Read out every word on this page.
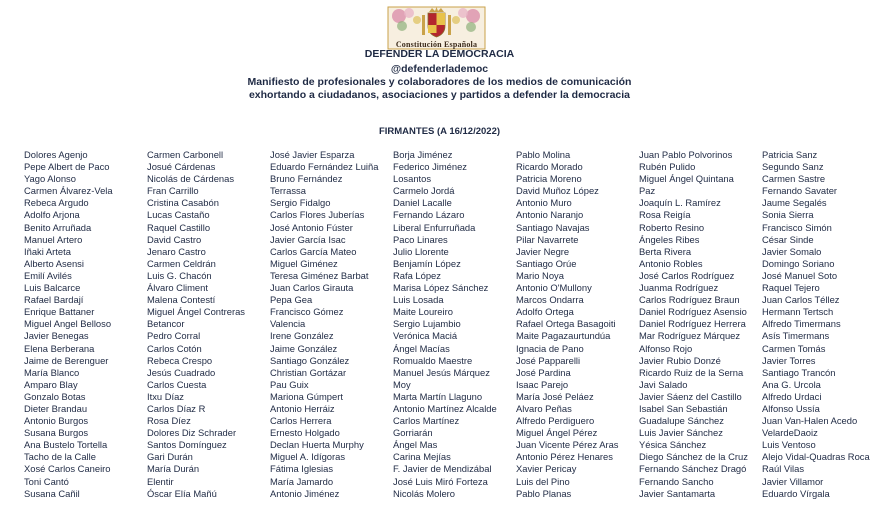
Constitución Española
DEFENDER LA DEMOCRACIA
@defenderlademoc
Manifiesto de profesionales y colaboradores de los medios de comunicación
exhortando a ciudadanos, asociaciones y partidos a defender la democracia
FIRMANTES (A 16/12/2022)
Dolores Agenjo
Pepe Albert de Paco
Yago Alonso
Carmen Álvarez-Vela
Rebeca Argudo
Adolfo Arjona
Benito Arruñada
Manuel Artero
Iñaki Arteta
Alberto Asensi
Emilí Avilés
Luis Balcarce
Rafael Bardají
Enrique Battaner
Miguel Angel Belloso
Javier Benegas
Elena Berberana
Jaime de Berenguer
María Blanco
Amparo Blay
Gonzalo Botas
Dieter Brandau
Antonio Burgos
Susana Burgos
Ana Bustelo Tortella
Tacho de la Calle
Xosé Carlos Caneiro
Toni Cantó
Susana Cañil
Carmen Carbonell
Josué Cárdenas
Nicolás de Cárdenas
Fran Carrillo
Cristina Casabón
Lucas Castaño
Raquel Castillo
David Castro
Jenaro Castro
Carmen Celdrán
Luis G. Chacón
Álvaro Climent
Malena Contestí
Miguel Ángel Contreras
Betancor
Pedro Corral
Carlos Cotón
Rebeca Crespo
Jesús Cuadrado
Carlos Cuesta
Itxu Díaz
Carlos Díaz R
Rosa Díez
Dolores Diz Schrader
Santos Domínguez
Gari Durán
María Durán
Elentir
Óscar Elía Mañú
José Javier Esparza
Eduardo Fernández Luiña
Bruno Fernández
Terrassa
Sergio Fidalgo
Carlos Flores Juberías
José Antonio Fúster
Javier García Isac
Carlos García Mateo
Miguel Giménez
Teresa Giménez Barbat
Juan Carlos Girauta
Pepa Gea
Francisco Gómez
Valencia
Irene González
Jaime González
Santiago González
Christian Gortázar
Pau Guix
Mariona Gúmpert
Antonio Herráiz
Carlos Herrera
Ernesto Holgado
Declan Huerta Murphy
Miguel A. Idígoras
Fátima Iglesias
María Jamardo
Antonio Jiménez
Borja Jiménez
Federico Jiménez
Losantos
Carmelo Jordá
Daniel Lacalle
Fernando Lázaro
Liberal Enfurruñada
Paco Linares
Julio Llorente
Benjamín López
Rafa López
Marisa López Sánchez
Luis Losada
Maite Loureiro
Sergio Lujambio
Verónica Maciá
Ángel Macías
Romualdo Maestre
Manuel Jesús Márquez
Moy
Marta Martín Llaguno
Antonio Martínez Alcalde
Carlos Martínez
Gorriarán
Ángel Mas
Carina Mejías
F. Javier de Mendizábal
José Luis Miró Forteza
Nicolás Molero
Pablo Molina
Ricardo Morado
Patricia Moreno
David Muñoz López
Antonio Muro
Antonio Naranjo
Santiago Navajas
Pilar Navarrete
Javier Negre
Santiago Orúe
Mario Noya
Antonio O'Mullony
Marcos Ondarra
Adolfo Ortega
Rafael Ortega Basagoiti
Maite Pagazaurtundúa
Ignacia de Pano
José Papparelli
José Pardina
Isaac Parejo
María José Peláez
Alvaro Peñas
Alfredo Perdiguero
Miguel Ángel Pérez
Juan Vicente Pérez Aras
Antonio Pérez Henares
Xavier Pericay
Luis del Pino
Pablo Planas
Juan Pablo Polvorinos
Rubén Pulido
Miguel Ángel Quintana
Paz
Joaquín L. Ramírez
Rosa Reigía
Roberto Resino
Ángeles Ribes
Berta Rivera
Antonio Robles
José Carlos Rodríguez
Juanma Rodríguez
Carlos Rodríguez Braun
Daniel Rodríguez Asensio
Daniel Rodríguez Herrera
Mar Rodríguez Márquez
Alfonso Rojo
Javier Rubio Donzé
Ricardo Ruiz de la Serna
Javi Salado
Javier Sáenz del Castillo
Isabel San Sebastián
Guadalupe Sánchez
Luis Javier Sánchez
Yésica Sánchez
Diego Sánchez de la Cruz
Fernando Sánchez Dragó
Fernando Sancho
Javier Santamarta
Patricia Sanz
Segundo Sanz
Carmen Sastre
Fernando Savater
Jaume Segalés
Sonia Sierra
Francisco Simón
César Sinde
Javier Somalo
Domingo Soriano
José Manuel Soto
Raquel Tejero
Juan Carlos Téllez
Hermann Tertsch
Alfredo Timermans
Asís Timermans
Carmen Tomás
Javier Torres
Santiago Trancón
Ana G. Urcola
Alfredo Urdaci
Alfonso Ussía
Juan Van-Halen Acedo
VelardeDaoiz
Luis Ventoso
Alejo Vidal-Quadras Roca
Raúl Vilas
Javier Villamor
Eduardo Vírgala
